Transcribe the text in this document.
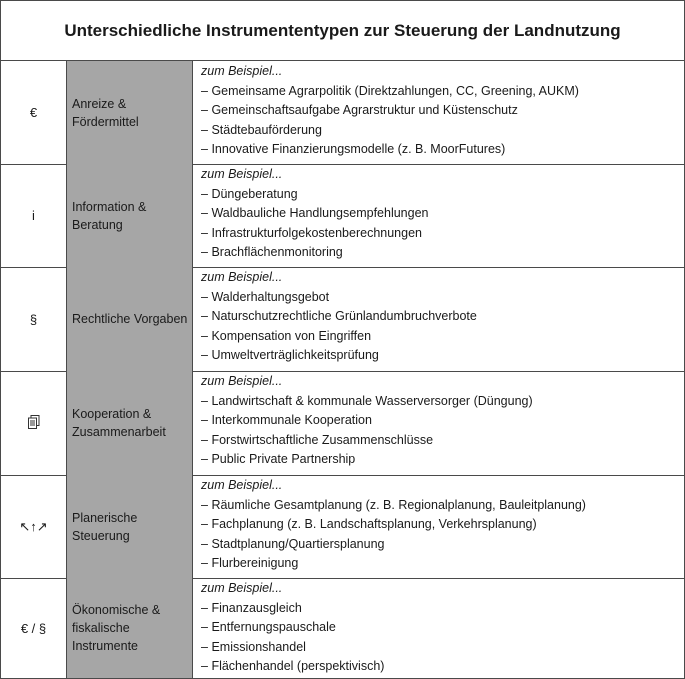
Unterschiedliche Instrumententypen zur Steuerung der Landnutzung
€
Anreize &
Fördermittel
zum Beispiel...
– Gemeinsame Agrarpolitik (Direktzahlungen, CC, Greening, AUKM)
– Gemeinschaftsaufgabe Agrarstruktur und Küstenschutz
– Städtebauförderung
– Innovative Finanzierungsmodelle (z. B. MoorFutures)
i
Information &
Beratung
zum Beispiel...
– Düngeberatung
– Waldbauliche Handlungsempfehlungen
– Infrastrukturfolgekostenberechnungen
– Brachflächenmonitoring
§	Rechtliche Vorgaben
zum Beispiel...
– Walderhaltungsgebot
– Naturschutzrechtliche Grünlandumbruchverbote
– Kompensation von Eingriffen
– Umweltverträglichkeitsprüfung
Kooperation &
Zusammenarbeit
zum Beispiel...
– Landwirtschaft & kommunale Wasserversorger (Düngung)
– Interkommunale Kooperation
– Forstwirtschaftliche Zusammenschlüsse
– Public Private Partnership
↖↑↗
Planerische
Steuerung
zum Beispiel...
– Räumliche Gesamtplanung (z. B. Regionalplanung, Bauleitplanung)
– Fachplanung (z. B. Landschaftsplanung, Verkehrsplanung)
– Stadtplanung/Quartiersplanung
– Flurbereinigung
€ / §
Ökonomische &
fiskalische
Instrumente
zum Beispiel...
– Finanzausgleich
– Entfernungspauschale
– Emissionshandel
– Flächenhandel (perspektivisch)
